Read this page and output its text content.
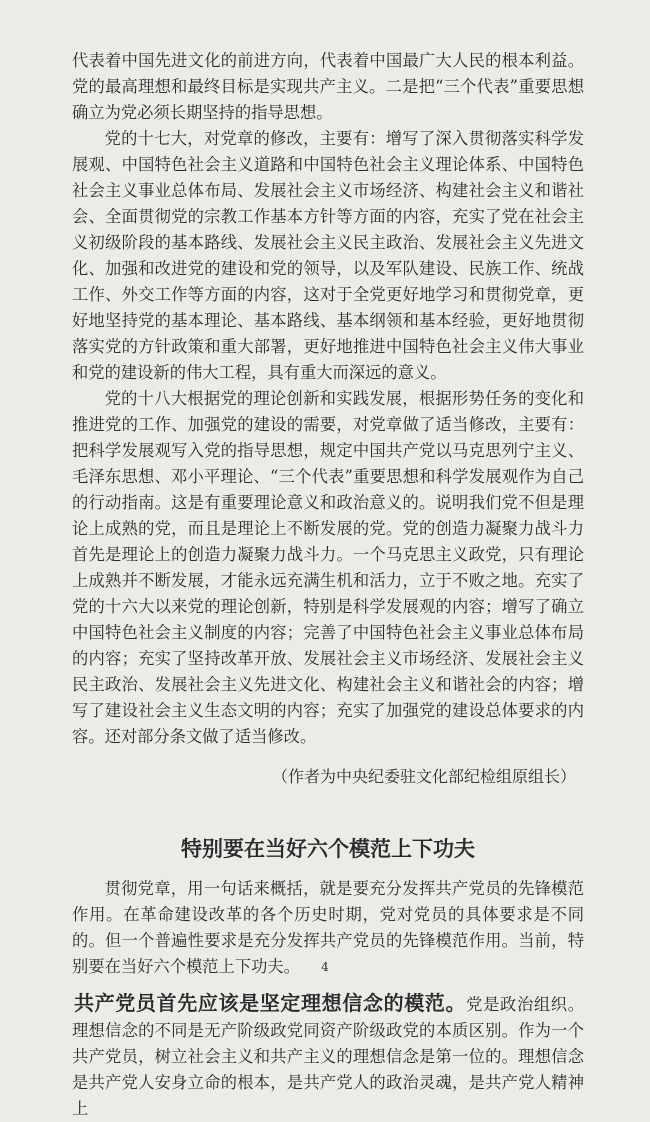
代表着中国先进文化的前进方向，代表着中国最广大人民的根本利益。党的最高理想和最终目标是实现共产主义。二是把“三个代表”重要思想确立为党必须长期坚持的指导思想。

党的十七大，对党章的修改，主要有：增写了深入贯彻落实科学发展观、中国特色社会主义道路和中国特色社会主义理论体系、中国特色社会主义事业总体布局、发展社会主义市场经济、构建社会主义和谐社会、全面贯彻党的宗教工作基本方针等方面的内容，充实了党在社会主义初级阶段的基本路线、发展社会主义民主政治、发展社会主义先进文化、加强和改进党的建设和党的领导，以及军队建设、民族工作、统战工作、外交工作等方面的内容，这对于全党更好地学习和贯彻党章，更好地坚持党的基本理论、基本路线、基本纲领和基本经验，更好地贯彻落实党的方针政策和重大部署，更好地推进中国特色社会主义伟大事业和党的建设新的伟大工程，具有重大而深远的意义。

党的十八大根据党的理论创新和实践发展，根据形势任务的变化和推进党的工作、加强党的建设的需要，对党章做了适当修改，主要有：把科学发展观写入党的指导思想，规定中国共产党以马克思列宁主义、毛泽东思想、邓小平理论、“三个代表”重要思想和科学发展观作为自己的行动指南。这是有重要理论意义和政治意义的。说明我们党不但是理论上成熟的党，而且是理论上不断发展的党。党的创造力凝聚力战斗力首先是理论上的创造力凝聚力战斗力。一个马克思主义政党，只有理论上成熟并不断发展，才能永远充满生机和活力，立于不败之地。充实了党的十六大以来党的理论创新，特别是科学发展观的内容；增写了确立中国特色社会主义制度的内容；完善了中国特色社会主义事业总体布局的内容；充实了坚持改革开放、发展社会主义市场经济、发展社会主义民主政治、发展社会主义先进文化、构建社会主义和谐社会的内容；增写了建设社会主义生态文明的内容；充实了加强党的建设总体要求的内容。还对部分条文做了适当修改。

（作者为中央纪委驻文化部纪检组原组长）

特别要在当好六个模范上下功夫

贯彻党章，用一句话来概括，就是要充分发挥共产党员的先锋模范作用。在革命建设改革的各个历史时期，党对党员的具体要求是不同的。但一个普遍性要求是充分发挥共产党员的先锋模范作用。当前，特别要在当好六个模范上下功夫。

共产党员首先应该是坚定理想信念的模范。党是政治组织。理想信念的不同是无产阶级政党同资产阶级政党的本质区别。作为一个共产党员，树立社会主义和共产主义的理想信念是第一位的。理想信念是共产党人安身立命的根本，是共产党人的政治灵魂，是共产党人精神上

4
